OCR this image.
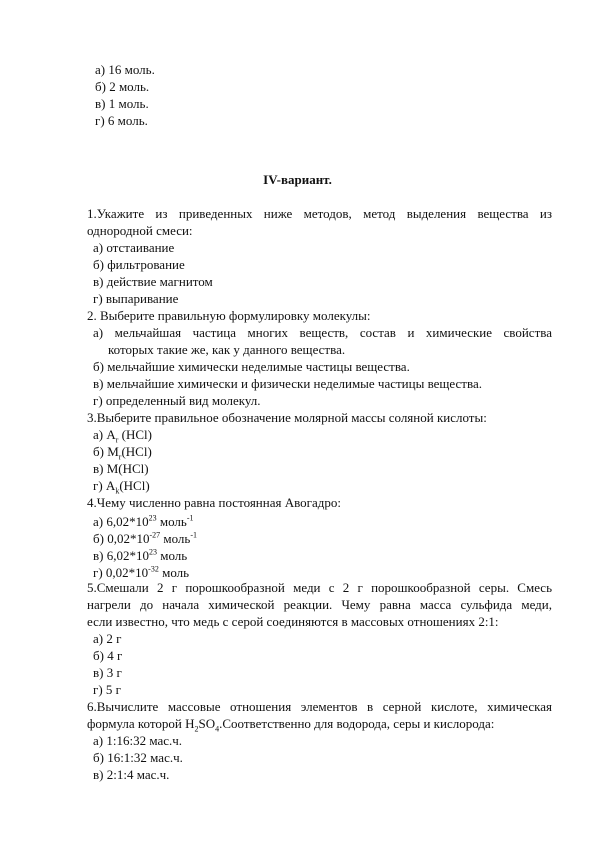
а) 16 моль.
б) 2 моль.
в) 1 моль.
г) 6 моль.
IV-вариант.
1.Укажите из приведенных ниже методов, метод выделения вещества из
однородной смеси:
а) отстаивание
б) фильтрование
в) действие магнитом
г) выпаривание
2. Выберите правильную формулировку молекулы:
а) мельчайшая частица многих веществ, состав и химические свойства
которых такие же, как у данного вещества.
б) мельчайшие химически неделимые частицы вещества.
в) мельчайшие химически и физически неделимые частицы вещества.
г) определенный вид молекул.
3.Выберите правильное обозначение молярной массы соляной кислоты:
а) $A_r$ (HCl)
б) $M_r(HCl)$
в) M(HCl)
г) $A_k(HCl)$
4.Чему численно равна постоянная Авогадро:
а) $6,02*10^{23}$ моль$^{-1}$
б) $0,02*10^{-27}$ моль$^{-1}$
в) $6,02*10^{23}$ моль
г) $0,02*10^{-32}$ моль
5.Смешали 2 г порошкообразной меди с 2 г порошкообразной серы. Смесь
нагрели до начала химической реакции. Чему равна масса сульфида меди,
если известно, что медь с серой соединяются в массовых отношениях 2:1:
а) 2 г
б) 4 г
в) 3 г
г) 5 г
6.Вычислите массовые отношения элементов в серной кислоте, химическая
формула которой $H_2SO_4.Соответственно$ для водорода, серы и кислорода:
а) 1:16:32 мас.ч.
б) 16:1:32 мас.ч.
в) 2:1:4 мас.ч.
